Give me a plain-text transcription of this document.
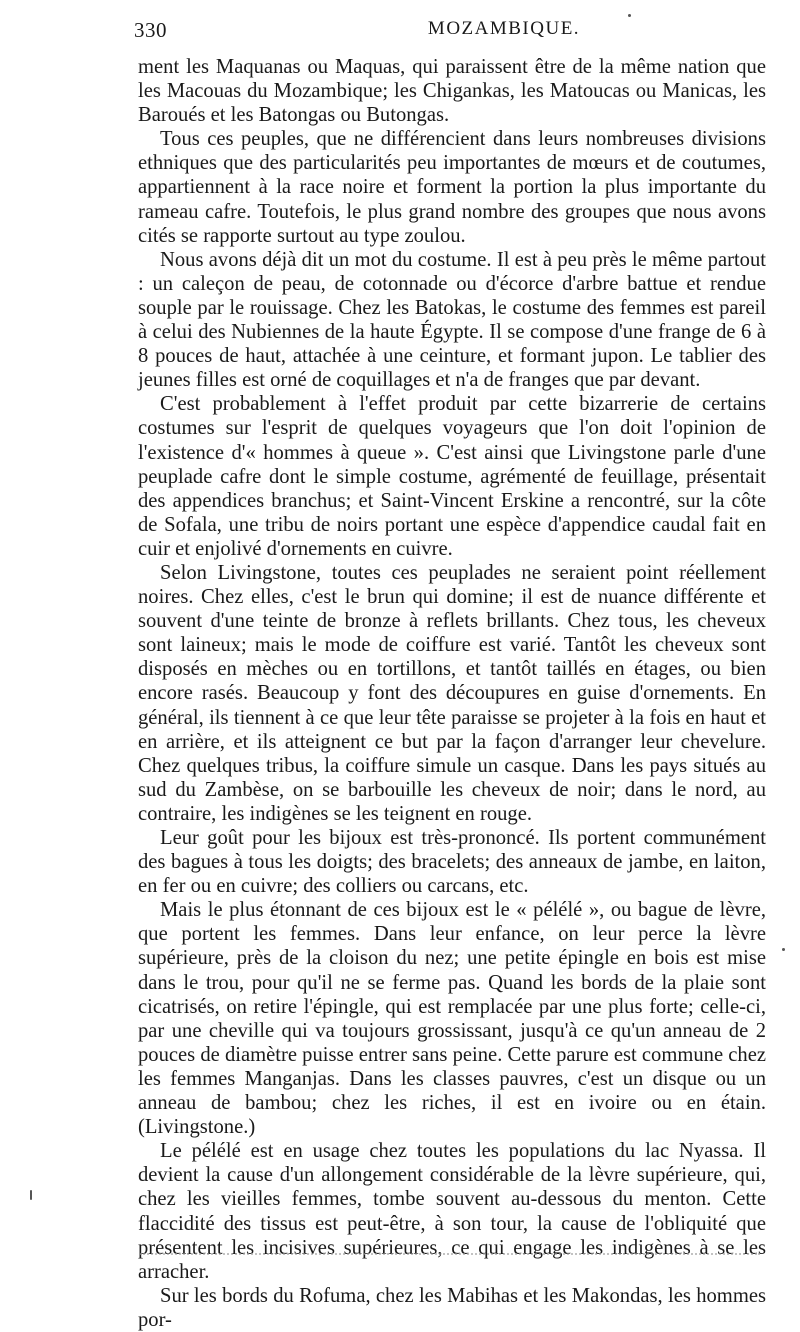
330	MOZAMBIQUE.

ment les Maquanas ou Maquas, qui paraissent être de la même nation que les Macouas du Mozambique; les Chigankas, les Matoucas ou Manicas, les Baroués et les Batongas ou Butongas.

Tous ces peuples, que ne différencient dans leurs nombreuses divisions ethniques que des particularités peu importantes de mœurs et de coutumes, appartiennent à la race noire et forment la portion la plus importante du rameau cafre. Toutefois, le plus grand nombre des groupes que nous avons cités se rapporte surtout au type zoulou.

Nous avons déjà dit un mot du costume. Il est à peu près le même partout : un caleçon de peau, de cotonnade ou d'écorce d'arbre battue et rendue souple par le rouissage. Chez les Batokas, le costume des femmes est pareil à celui des Nubiennes de la haute Égypte. Il se compose d'une frange de 6 à 8 pouces de haut, attachée à une ceinture, et formant jupon. Le tablier des jeunes filles est orné de coquillages et n'a de franges que par devant.

C'est probablement à l'effet produit par cette bizarrerie de certains costumes sur l'esprit de quelques voyageurs que l'on doit l'opinion de l'existence d'« hommes à queue ». C'est ainsi que Livingstone parle d'une peuplade cafre dont le simple costume, agrémenté de feuillage, présentait des appendices branchus; et Saint-Vincent Erskine a rencontré, sur la côte de Sofala, une tribu de noirs portant une espèce d'appendice caudal fait en cuir et enjolivé d'ornements en cuivre.

Selon Livingstone, toutes ces peuplades ne seraient point réellement noires. Chez elles, c'est le brun qui domine; il est de nuance différente et souvent d'une teinte de bronze à reflets brillants. Chez tous, les cheveux sont laineux; mais le mode de coiffure est varié. Tantôt les cheveux sont disposés en mèches ou en tortillons, et tantôt taillés en étages, ou bien encore rasés. Beaucoup y font des découpures en guise d'ornements. En général, ils tiennent à ce que leur tête paraisse se projeter à la fois en haut et en arrière, et ils atteignent ce but par la façon d'arranger leur chevelure. Chez quelques tribus, la coiffure simule un casque. Dans les pays situés au sud du Zambèse, on se barbouille les cheveux de noir; dans le nord, au contraire, les indigènes se les teignent en rouge.

Leur goût pour les bijoux est très-prononcé. Ils portent communément des bagues à tous les doigts; des bracelets; des anneaux de jambe, en laiton, en fer ou en cuivre; des colliers ou carcans, etc.

Mais le plus étonnant de ces bijoux est le « pélélé », ou bague de lèvre, que portent les femmes. Dans leur enfance, on leur perce la lèvre supérieure, près de la cloison du nez; une petite épingle en bois est mise dans le trou, pour qu'il ne se ferme pas. Quand les bords de la plaie sont cicatrisés, on retire l'épingle, qui est remplacée par une plus forte; celle-ci, par une cheville qui va toujours grossissant, jusqu'à ce qu'un anneau de 2 pouces de diamètre puisse entrer sans peine. Cette parure est commune chez les femmes Manganjas. Dans les classes pauvres, c'est un disque ou un anneau de bambou; chez les riches, il est en ivoire ou en étain. (Livingstone.)

Le pélélé est en usage chez toutes les populations du lac Nyassa. Il devient la cause d'un allongement considérable de la lèvre supérieure, qui, chez les vieilles femmes, tombe souvent au-dessous du menton. Cette flaccidité des tissus est peut-être, à son tour, la cause de l'obliquité que présentent les incisives supérieures, ce qui engage les indigènes à se les arracher.

Sur les bords du Rofuma, chez les Mabihas et les Makondas, les hommes por-
